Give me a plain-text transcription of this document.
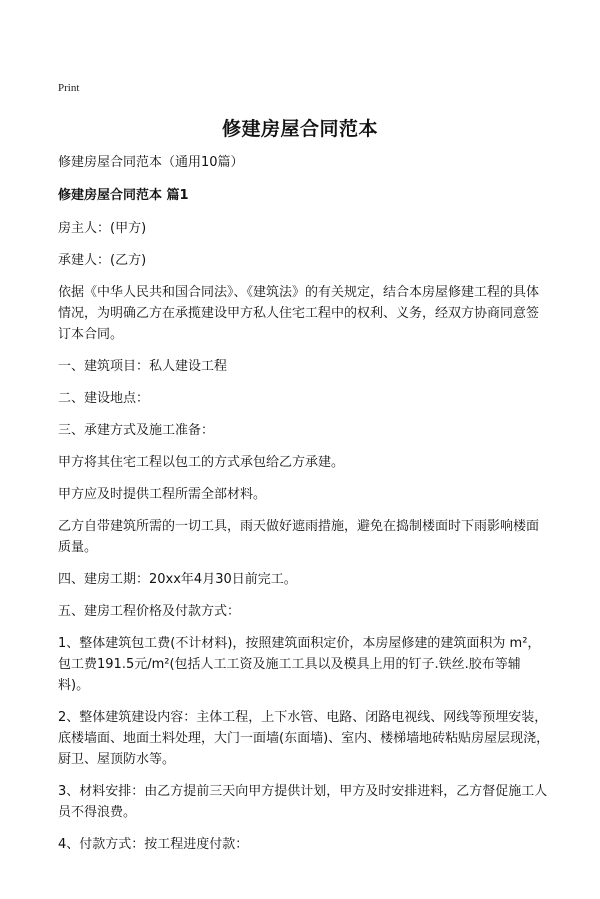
Print
修建房屋合同范本

修建房屋合同范本（通用10篇）

修建房屋合同范本 篇1

房主人：(甲方)

承建人：(乙方)

依据《中华人民共和国合同法》、《建筑法》的有关规定，结合本房屋修建工程的具体情况，为明确乙方在承揽建设甲方私人住宅工程中的权利、义务，经双方协商同意签订本合同。

一、建筑项目：私人建设工程

二、建设地点：

三、承建方式及施工准备：

甲方将其住宅工程以包工的方式承包给乙方承建。

甲方应及时提供工程所需全部材料。

乙方自带建筑所需的一切工具，雨天做好遮雨措施，避免在捣制楼面时下雨影响楼面质量。

四、建房工期：20xx年4月30日前完工。

五、建房工程价格及付款方式：

1、整体建筑包工费(不计材料)，按照建筑面积定价，本房屋修建的建筑面积为 m²，包工费191.5元/m²(包括人工工资及施工工具以及模具上用的钉子.铁丝.胶布等辅料)。

2、整体建筑建设内容：主体工程，上下水管、电路、闭路电视线、网线等预埋安装，底楼墙面、地面土料处理，大门一面墙(东面墙)、室内、楼梯墙地砖粘贴房屋层现浇，厨卫、屋顶防水等。

3、材料安排：由乙方提前三天向甲方提供计划，甲方及时安排进料，乙方督促施工人员不得浪费。

4、付款方式：按工程进度付款：
